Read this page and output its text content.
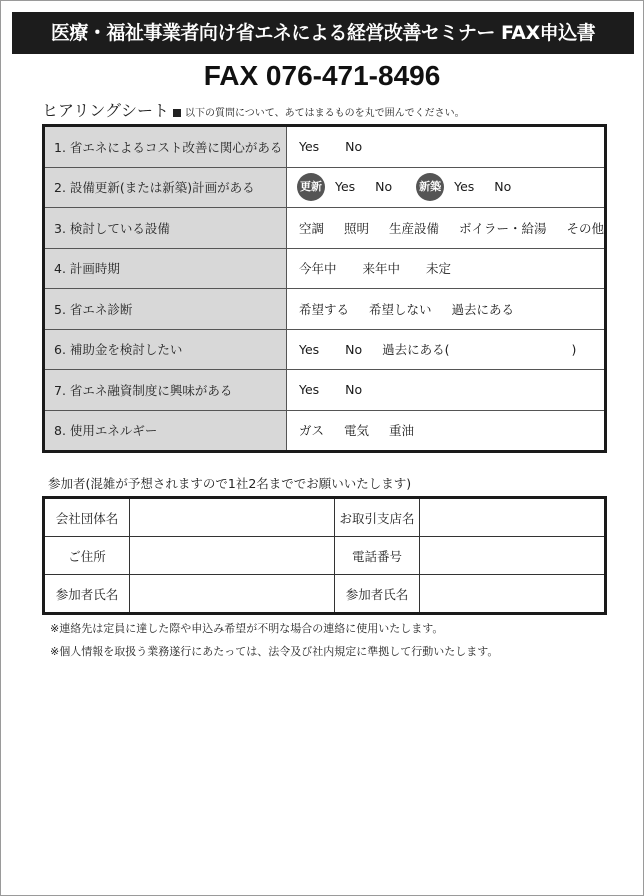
医療・福祉事業者向け省エネによる経営改善セミナー FAX申込書
FAX 076-471-8496
ヒアリングシート	以下の質問について、あてはまるものを丸で囲んでください。
1. 省エネによるコスト改善に関心がある	Yes No
2. 設備更新(または新築)計画がある	更新 Yes No 新築 Yes No
3. 検討している設備	空調 照明 生産設備 ボイラー・給湯 その他
4. 計画時期	今年中 来年中 未定
5. 省エネ診断	希望する 希望しない 過去にある
6. 補助金を検討したい	Yes No 過去にある( )
7. 省エネ融資制度に興味がある	Yes No
8. 使用エネルギー	ガス 電気 重油
参加者(混雑が予想されますので1社2名まででお願いいたします)
会社団体名		お取引支店名	
ご住所		電話番号	
参加者氏名		参加者氏名	
※連絡先は定員に達した際や申込み希望が不明な場合の連絡に使用いたします。
※個人情報を取扱う業務遂行にあたっては、法令及び社内規定に準拠して行動いたします。
